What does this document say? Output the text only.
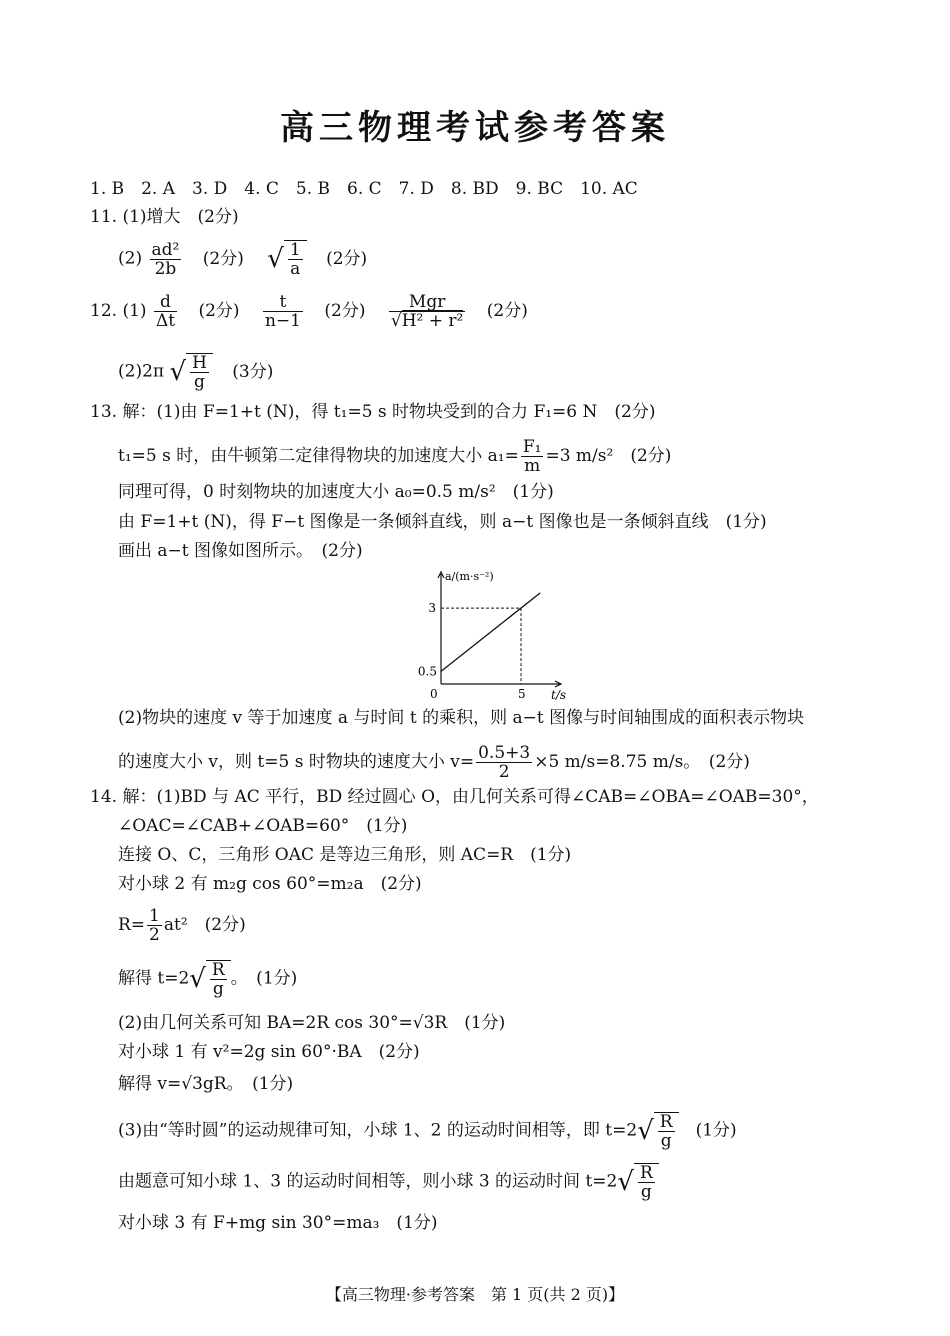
高三物理考试参考答案
1. B　2. A　3. D　4. C　5. B　6. C　7. D　8. BD　9. BC　10. AC
11. (1)增大　(2分)
$(2) \frac{\text{ad²}}{2b} (2$分) √ $\frac{1}{a} (2$分)
12. $(1) \frac{d}{\Delta t} (2$分) $\frac{t}{n-1} (2$分) $\frac{\text{Mgr}}{\text{√H² + r²}} (2$分)
(2)2π √ $\frac{H}{g} (3$分)
13. 解：(1)由 F=1+t (N)，得 t₁=5 s 时物块受到的合力 F₁=6 N　(2分)
t₁=5 s 时，由牛顿第二定律得物块的加速度大小 $a_1= \frac{\text{F₁}}{m} =3$ m/s²　(2分)
同理可得，0 时刻物块的加速度大小 a₀=0.5 m/s²　(1分)
由 F=1+t (N)，得 F−t 图像是一条倾斜直线，则 a−t 图像也是一条倾斜直线　(1分)
画出 a−t 图像如图所示。　(2分)
a/(m·s⁻²)
t/s
0
3
0.5
5
(2)物块的速度 v 等于加速度 a 与时间 t 的乘积，则 a−t 图像与时间轴围成的面积表示物块
的速度大小 v，则 t=5 s 时物块的速度大小 $v= \frac{0.5+3}{2} \times 5$ m/s=8.75 m/s。　(2分)
14. 解：(1)BD 与 AC 平行，BD 经过圆心 O，由几何关系可得∠CAB=∠OBA=∠OAB=30°，
∠OAC=∠CAB+∠OAB=60°　(1分)
连接 O、C，三角形 OAC 是等边三角形，则 AC=R　(1分)
对小球 2 有 m₂g cos 60°=m₂a　(2分)
$R= \frac{1}{2} at^2$　(2分)
解得 $t=2√ \frac{R}{g}$ 。　(1分)
(2)由几何关系可知 BA=2R cos 30°=√3R　(1分)
对小球 1 有 v²=2g sin 60°·BA　(2分)
解得 v=√3gR。　(1分)
(3)由“等时圆”的运动规律可知，小球 1、2 的运动时间相等，即 $t=2√ \frac{R}{g}$ 　(1分)
由题意可知小球 1、3 的运动时间相等，则小球 3 的运动时间 $t=2√ \frac{R}{g}$
对小球 3 有 F+mg sin 30°=ma₃　(1分)
【高三物理·参考答案　第 1 页(共 2 页)】
